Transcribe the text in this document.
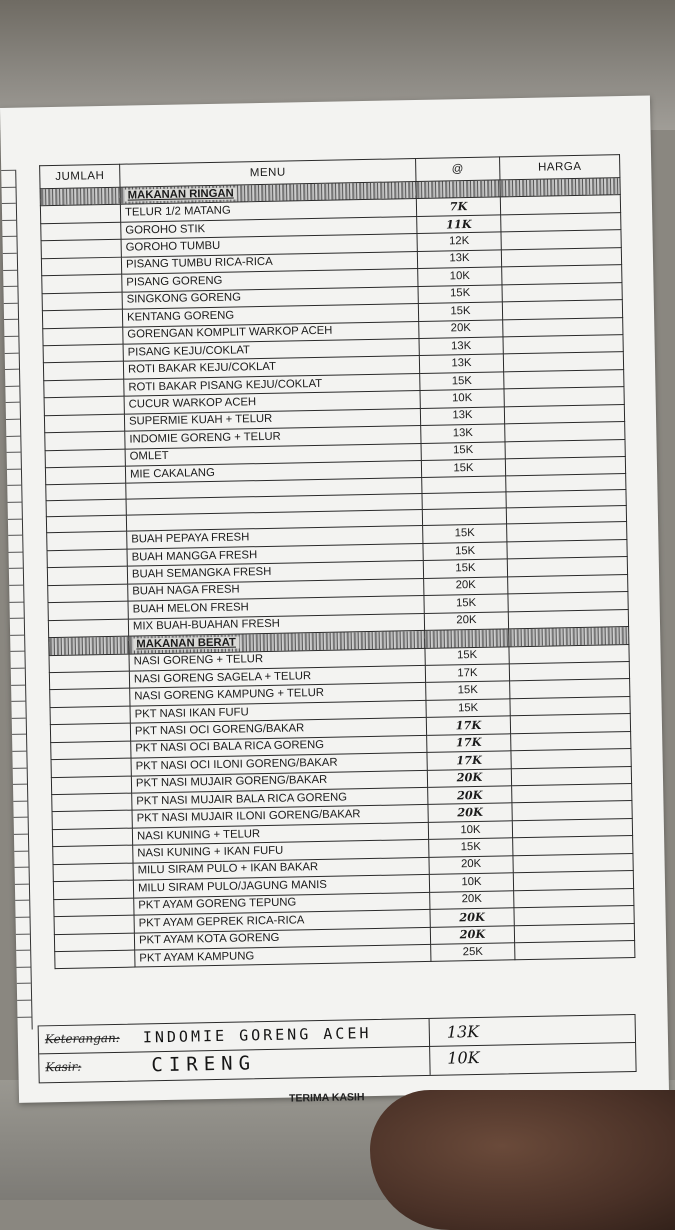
JUMLAH	MENU	@	HARGA
	MAKANAN RINGAN		
	TELUR 1/2 MATANG	7K	
	GOROHO STIK	11K	
	GOROHO TUMBU	12K	
	PISANG TUMBU RICA-RICA	13K	
	PISANG GORENG	10K	
	SINGKONG GORENG	15K	
	KENTANG GORENG	15K	
	GORENGAN KOMPLIT WARKOP ACEH	20K	
	PISANG KEJU/COKLAT	13K	
	ROTI BAKAR KEJU/COKLAT	13K	
	ROTI BAKAR PISANG KEJU/COKLAT	15K	
	CUCUR WARKOP ACEH	10K	
	SUPERMIE KUAH + TELUR	13K	
	INDOMIE GORENG + TELUR	13K	
	OMLET	15K	
	MIE CAKALANG	15K	

	BUAH PEPAYA FRESH	15K	
	BUAH MANGGA FRESH	15K	
	BUAH SEMANGKA FRESH	15K	
	BUAH NAGA FRESH	20K	
	BUAH MELON FRESH	15K	
	MIX BUAH-BUAHAN FRESH	20K	
	MAKANAN BERAT		
	NASI GORENG + TELUR	15K	
	NASI GORENG SAGELA + TELUR	17K	
	NASI GORENG KAMPUNG + TELUR	15K	
	PKT NASI IKAN FUFU	15K	
	PKT NASI OCI GORENG/BAKAR	17K	
	PKT NASI OCI BALA RICA GORENG	17K	
	PKT NASI OCI ILONI GORENG/BAKAR	17K	
	PKT NASI MUJAIR GORENG/BAKAR	20K	
	PKT NASI MUJAIR BALA RICA GORENG	20K	
	PKT NASI MUJAIR ILONI GORENG/BAKAR	20K	
	NASI KUNING + TELUR	10K	
	NASI KUNING + IKAN FUFU	15K	
	MILU SIRAM PULO + IKAN BAKAR	20K	
	MILU SIRAM PULO/JAGUNG MANIS	10K	
	PKT AYAM GORENG TEPUNG	20K	
	PKT AYAM GEPREK RICA-RICA	20K	
	PKT AYAM KOTA GORENG	20K	
	PKT AYAM KAMPUNG	25K	
Keterangan: INDOMIE GORENG ACEH	13K
Kasir:	CIRENG	10K
TERIMA KASIH
